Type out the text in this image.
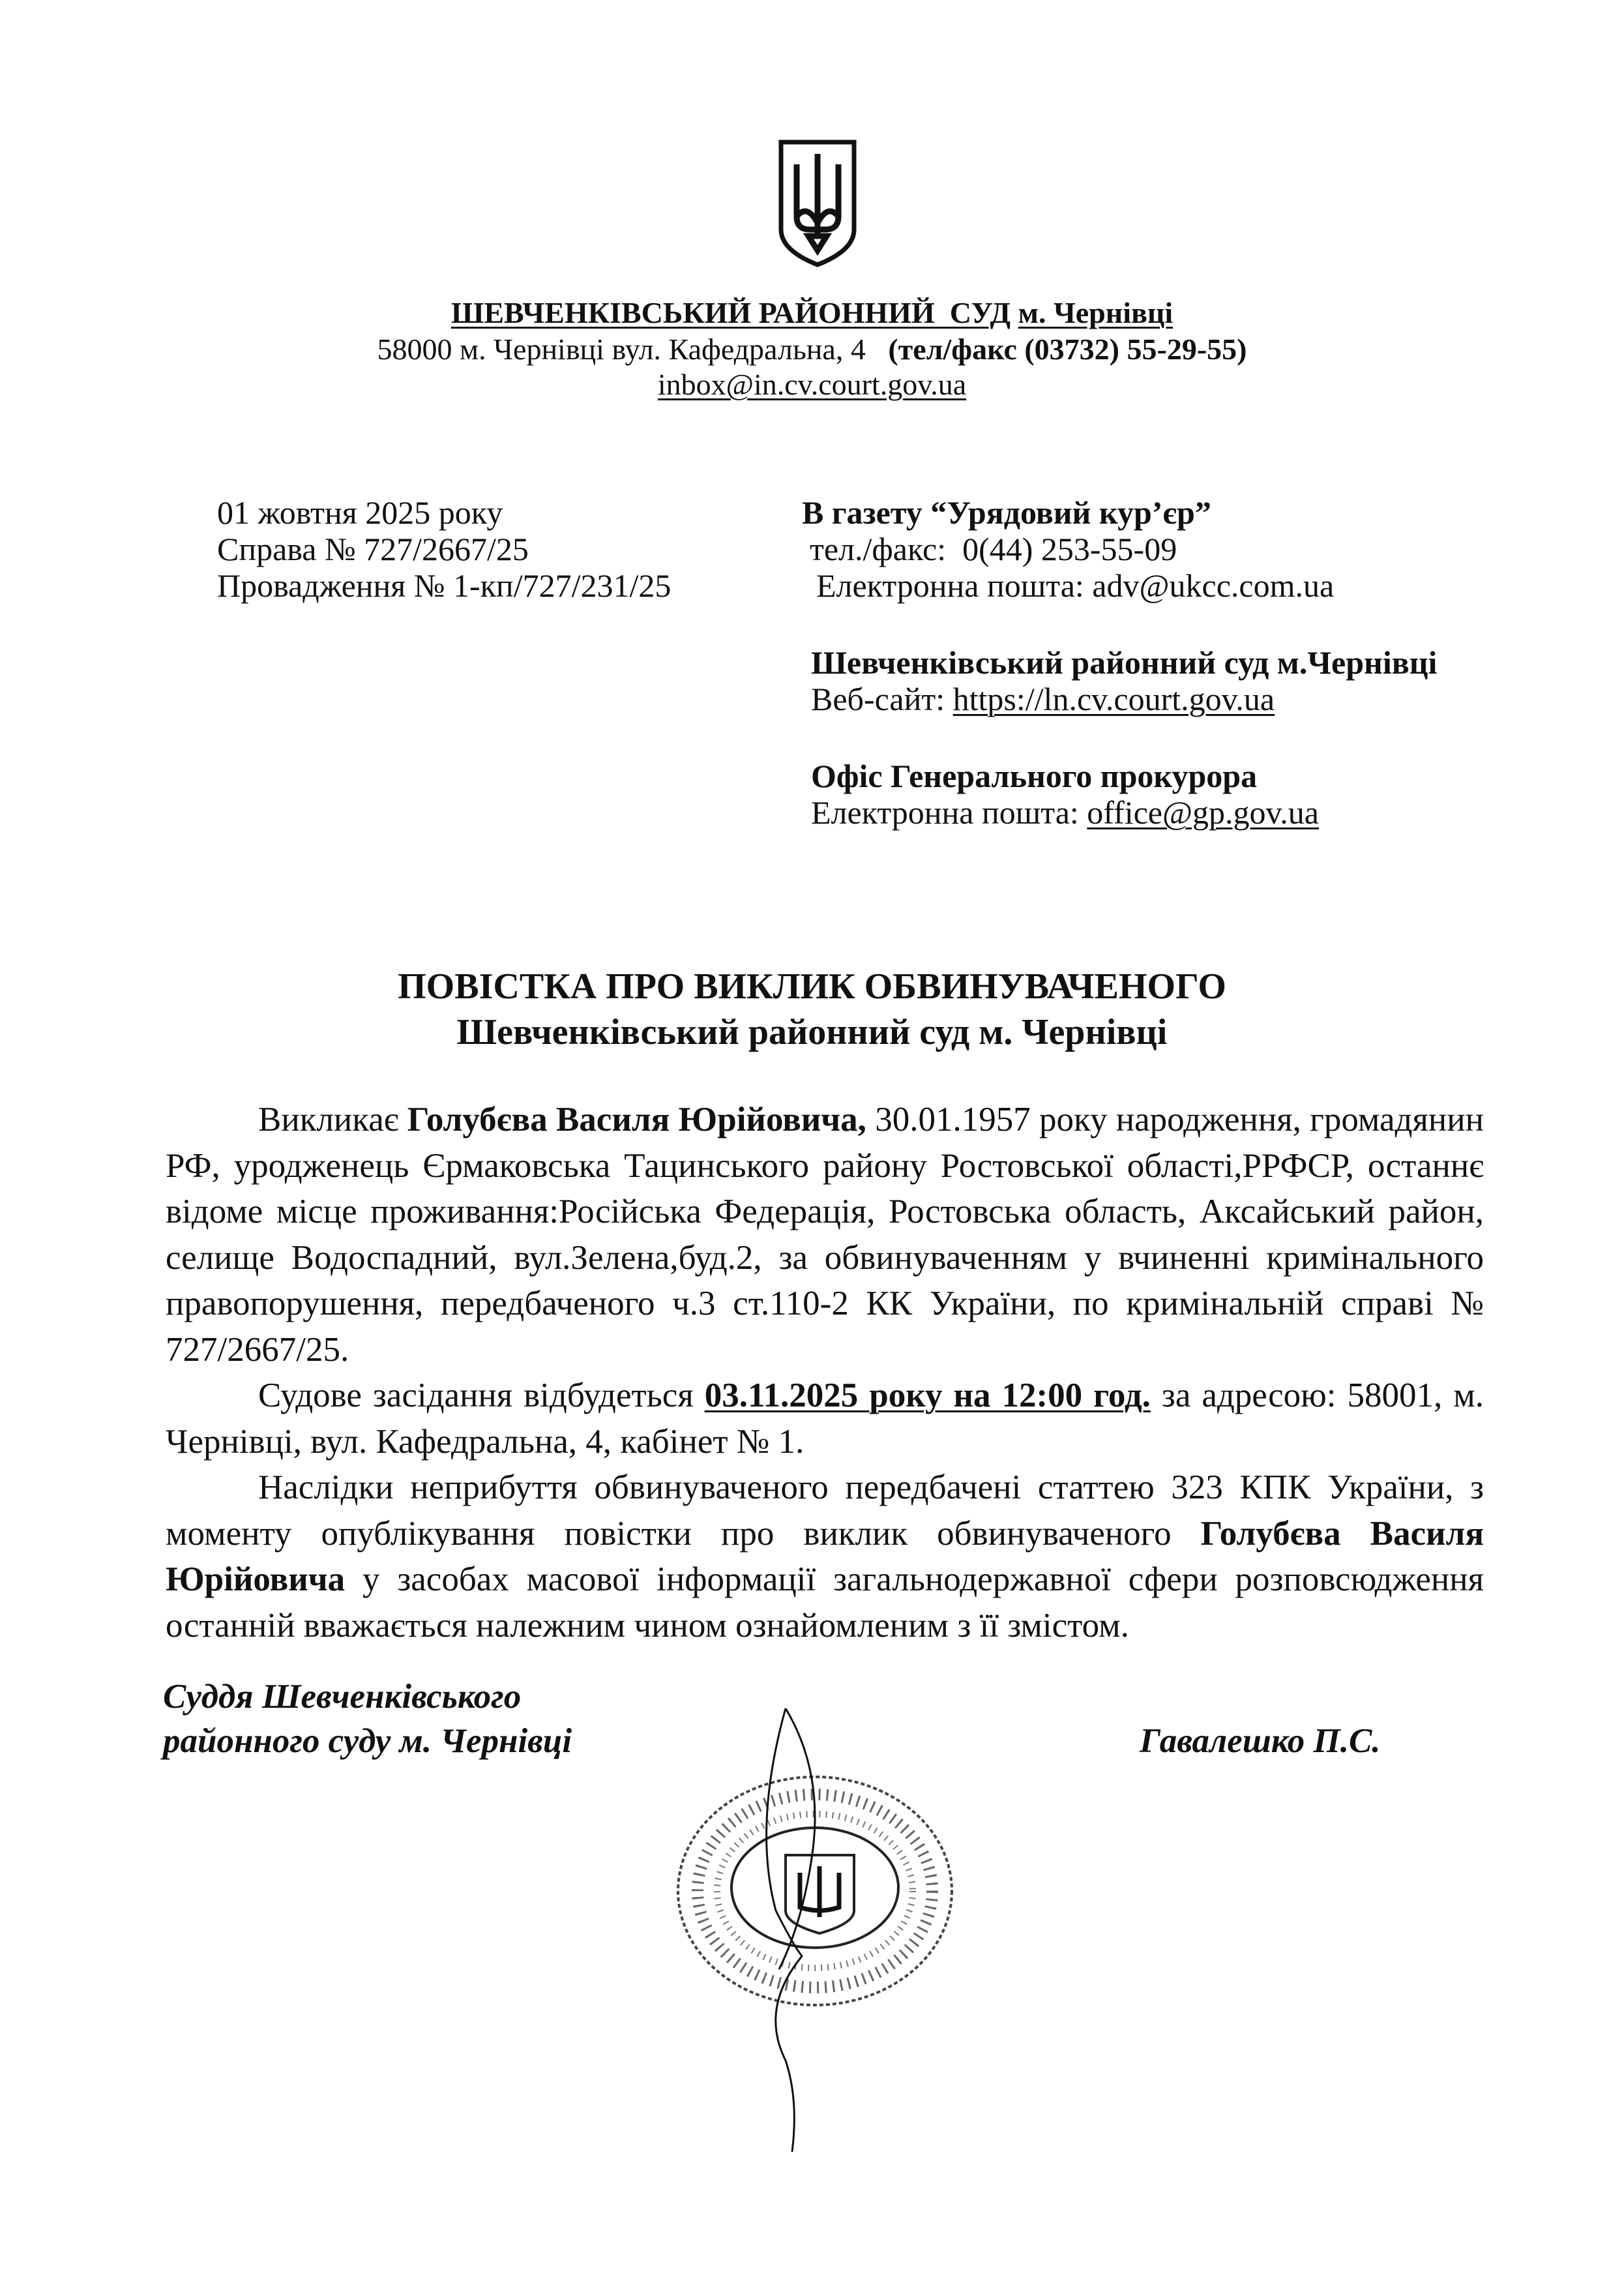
ШЕВЧЕНКІВСЬКИЙ РАЙОННИЙ  СУД м. Чернівці
58000 м. Чернівці вул. Кафедральна, 4 (тел/факс (03732) 55-29-55)
inbox@in.cv.court.gov.ua
01 жовтня 2025 року
Справа № 727/2667/25
Провадження № 1-кп/727/231/25
В газету “Урядовий кур’єр”
тел./факс: 0(44) 253-55-09
Електронна пошта: adv@ukcc.com.ua
Шевченківський районний суд м.Чернівці
Веб-сайт: https://ln.cv.court.gov.ua
Офіс Генерального прокурора
Електронна пошта: office@gp.gov.ua
ПОВІСТКА ПРО ВИКЛИК ОБВИНУВАЧЕНОГО
Шевченківський районний суд м. Чернівці

Викликає Голубєва Василя Юрійовича, 30.01.1957 року народження, громадянин РФ, уродженець Єрмаковська Тацинського району Ростовської області,РРФСР, останнє відоме місце проживання:Російська Федерація, Ростовська область, Аксайський район, селище Водоспадний, вул.Зелена,буд.2, за обвинуваченням у вчиненні кримінального правопорушення, передбаченого ч.3 ст.110-2 КК України, по кримінальній справі № 727/2667/25.

Судове засідання відбудеться 03.11.2025 року на 12:00 год. за адресою: 58001, м. Чернівці, вул. Кафедральна, 4, кабінет № 1.

Наслідки неприбуття обвинуваченого передбачені статтею 323 КПК України, з моменту опублікування повістки про виклик обвинуваченого Голубєва Василя Юрійовича у засобах масової інформації загальнодержавної сфери розповсюдження останній вважається належним чином ознайомленим з її змістом.

Суддя Шевченківського
районного суду м. Чернівці	Гавалешко П.С.
